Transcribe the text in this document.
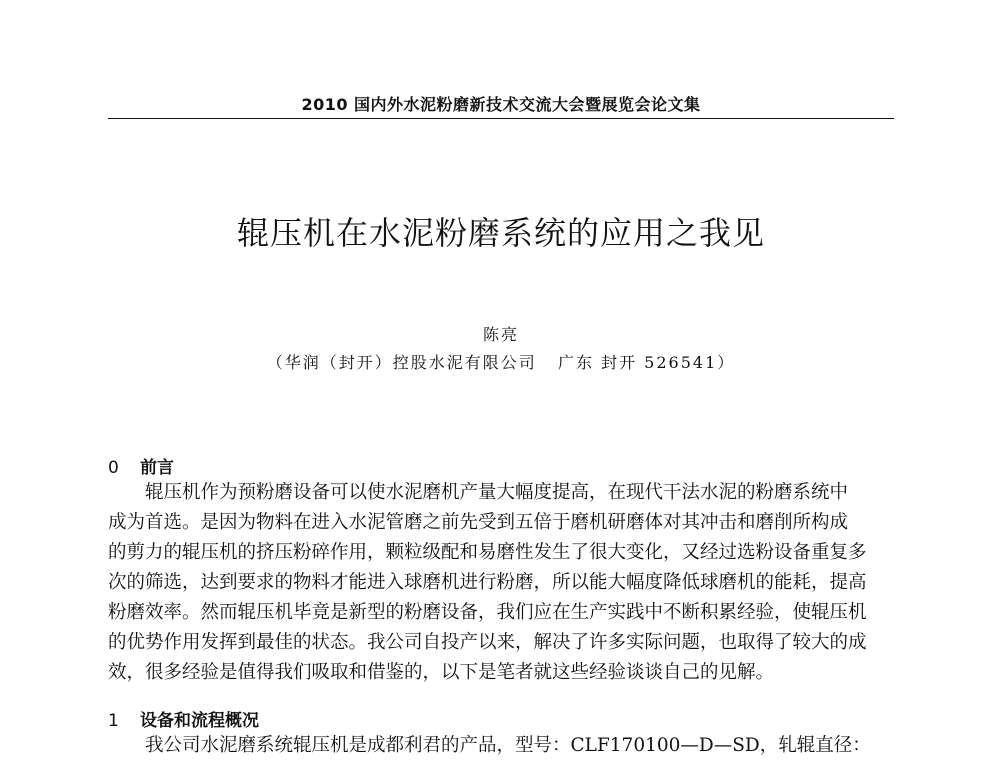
2010 国内外水泥粉磨新技术交流大会暨展览会论文集
辊压机在水泥粉磨系统的应用之我见
陈亮
（华润（封开）控股水泥有限公司   广东 封开 526541）
0 前言
辊压机作为预粉磨设备可以使水泥磨机产量大幅度提高，在现代干法水泥的粉磨系统中
成为首选。是因为物料在进入水泥管磨之前先受到五倍于磨机研磨体对其冲击和磨削所构成
的剪力的辊压机的挤压粉碎作用，颗粒级配和易磨性发生了很大变化，又经过选粉设备重复多
次的筛选，达到要求的物料才能进入球磨机进行粉磨，所以能大幅度降低球磨机的能耗，提高
粉磨效率。然而辊压机毕竟是新型的粉磨设备，我们应在生产实践中不断积累经验，使辊压机
的优势作用发挥到最佳的状态。我公司自投产以来，解决了许多实际问题，也取得了较大的成
效，很多经验是值得我们吸取和借鉴的，以下是笔者就这些经验谈谈自己的见解。
1 设备和流程概况
我公司水泥磨系统辊压机是成都利君的产品，型号：CLF170100—D—SD，轧辊直径：
